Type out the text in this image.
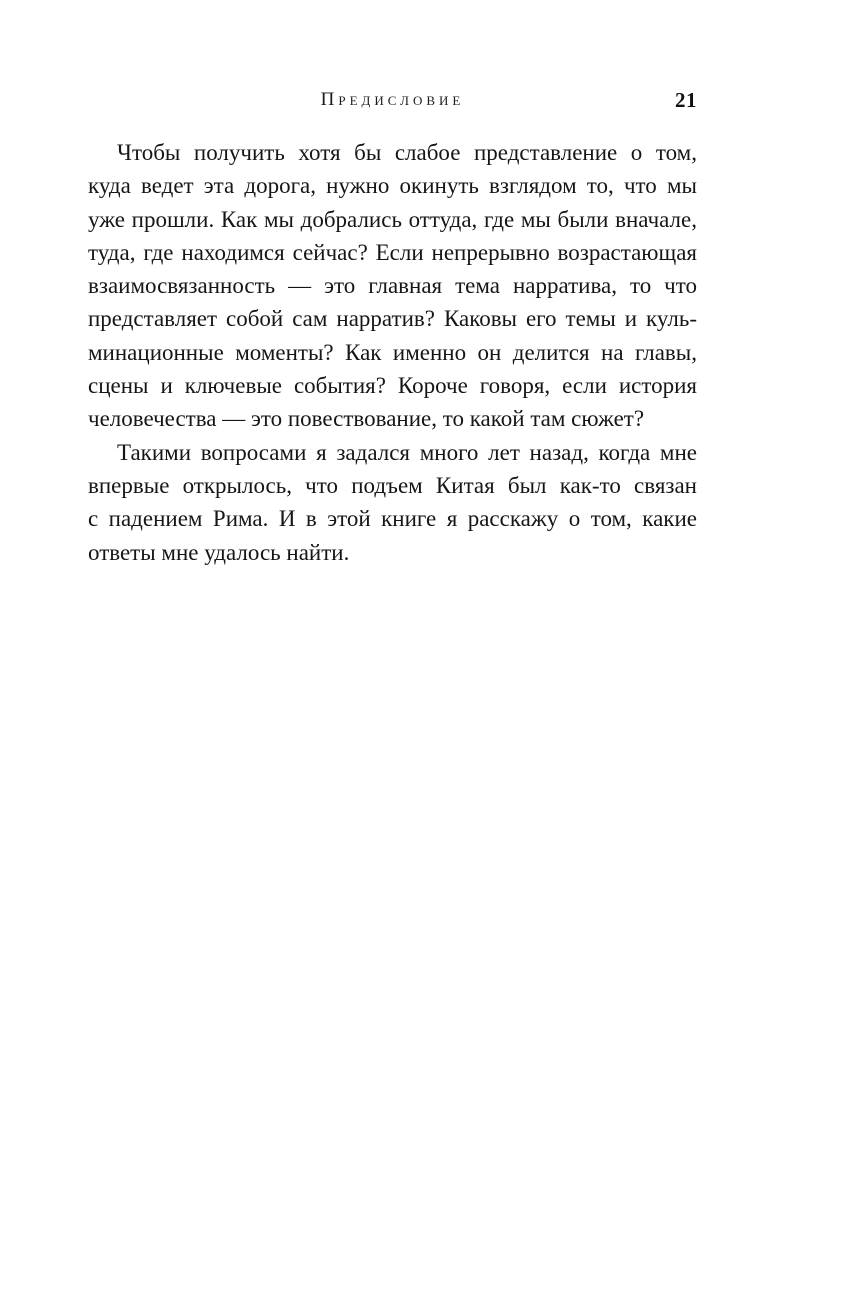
Предисловие	21
Чтобы получить хотя бы слабое представление о том,
куда ведет эта дорога, нужно окинуть взглядом то, что мы
уже прошли. Как мы добрались оттуда, где мы были вначале,
туда, где находимся сейчас? Если непрерывно возрастающая
взаимосвязанность — это главная тема нарратива, то что
представляет собой сам нарратив? Каковы его темы и куль-
минационные моменты? Как именно он делится на главы,
сцены и ключевые события? Короче говоря, если история
человечества — это повествование, то какой там сюжет?
Такими вопросами я задался много лет назад, когда мне
впервые открылось, что подъем Китая был как-то связан
с падением Рима. И в этой книге я расскажу о том, какие
ответы мне удалось найти.
